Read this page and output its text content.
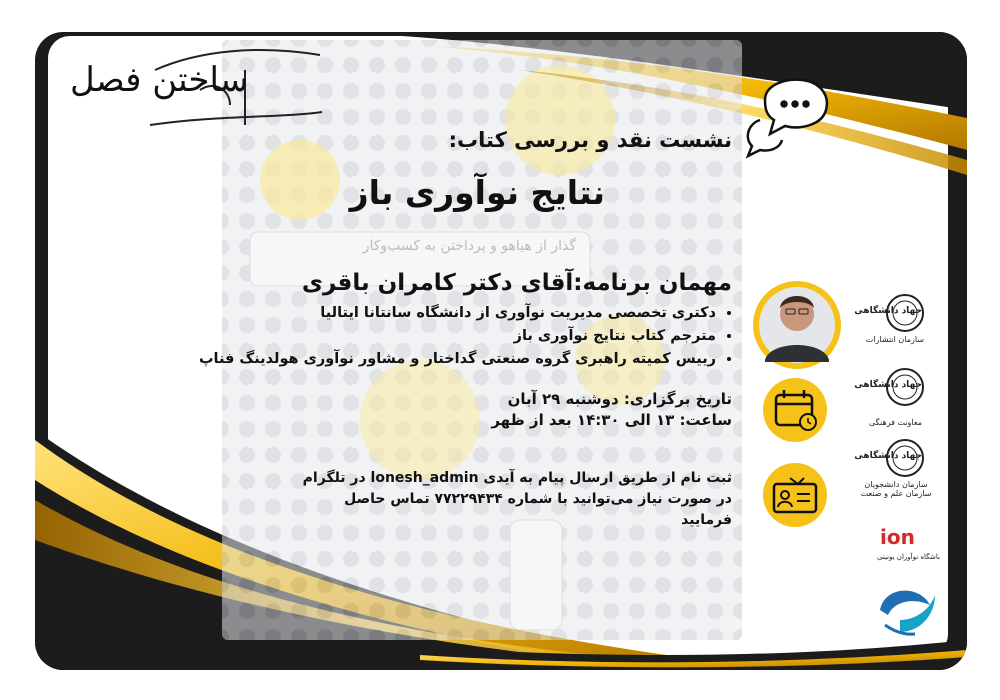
ساختن فصل
گذار از هیاهو و پرداختن به کسب‌وکار
نشست نقد و بررسی کتاب:
نتایج نوآوری باز
مهمان برنامه:آقای دکتر کامران باقری
• دکتری تخصصی مدیریت نوآوری از دانشگاه سانتانا ایتالیا
• مترجم کتاب نتایج نوآوری باز
• رییس کمیته راهبری گروه صنعتی گداختار و مشاور نوآوری هولدینگ فناپ
تاریخ برگزاری: دوشنبه ۲۹ آبان
ساعت: ۱۳ الی ۱۴:۳۰ بعد از ظهر
ثبت نام از طریق ارسال پیام به آیدی lonesh_admin در تلگرام
در صورت نیاز می‌توانید با شماره ۷۷۲۲۹۴۳۴ تماس حاصل
فرمایید
جهاد دانشگاهی
سازمان انتشارات
جهاد دانشگاهی
معاونت فرهنگی
جهاد دانشگاهی
سازمان دانشجویان سازمان علم و صنعت
ion
باشگاه نوآوران یونیتی
